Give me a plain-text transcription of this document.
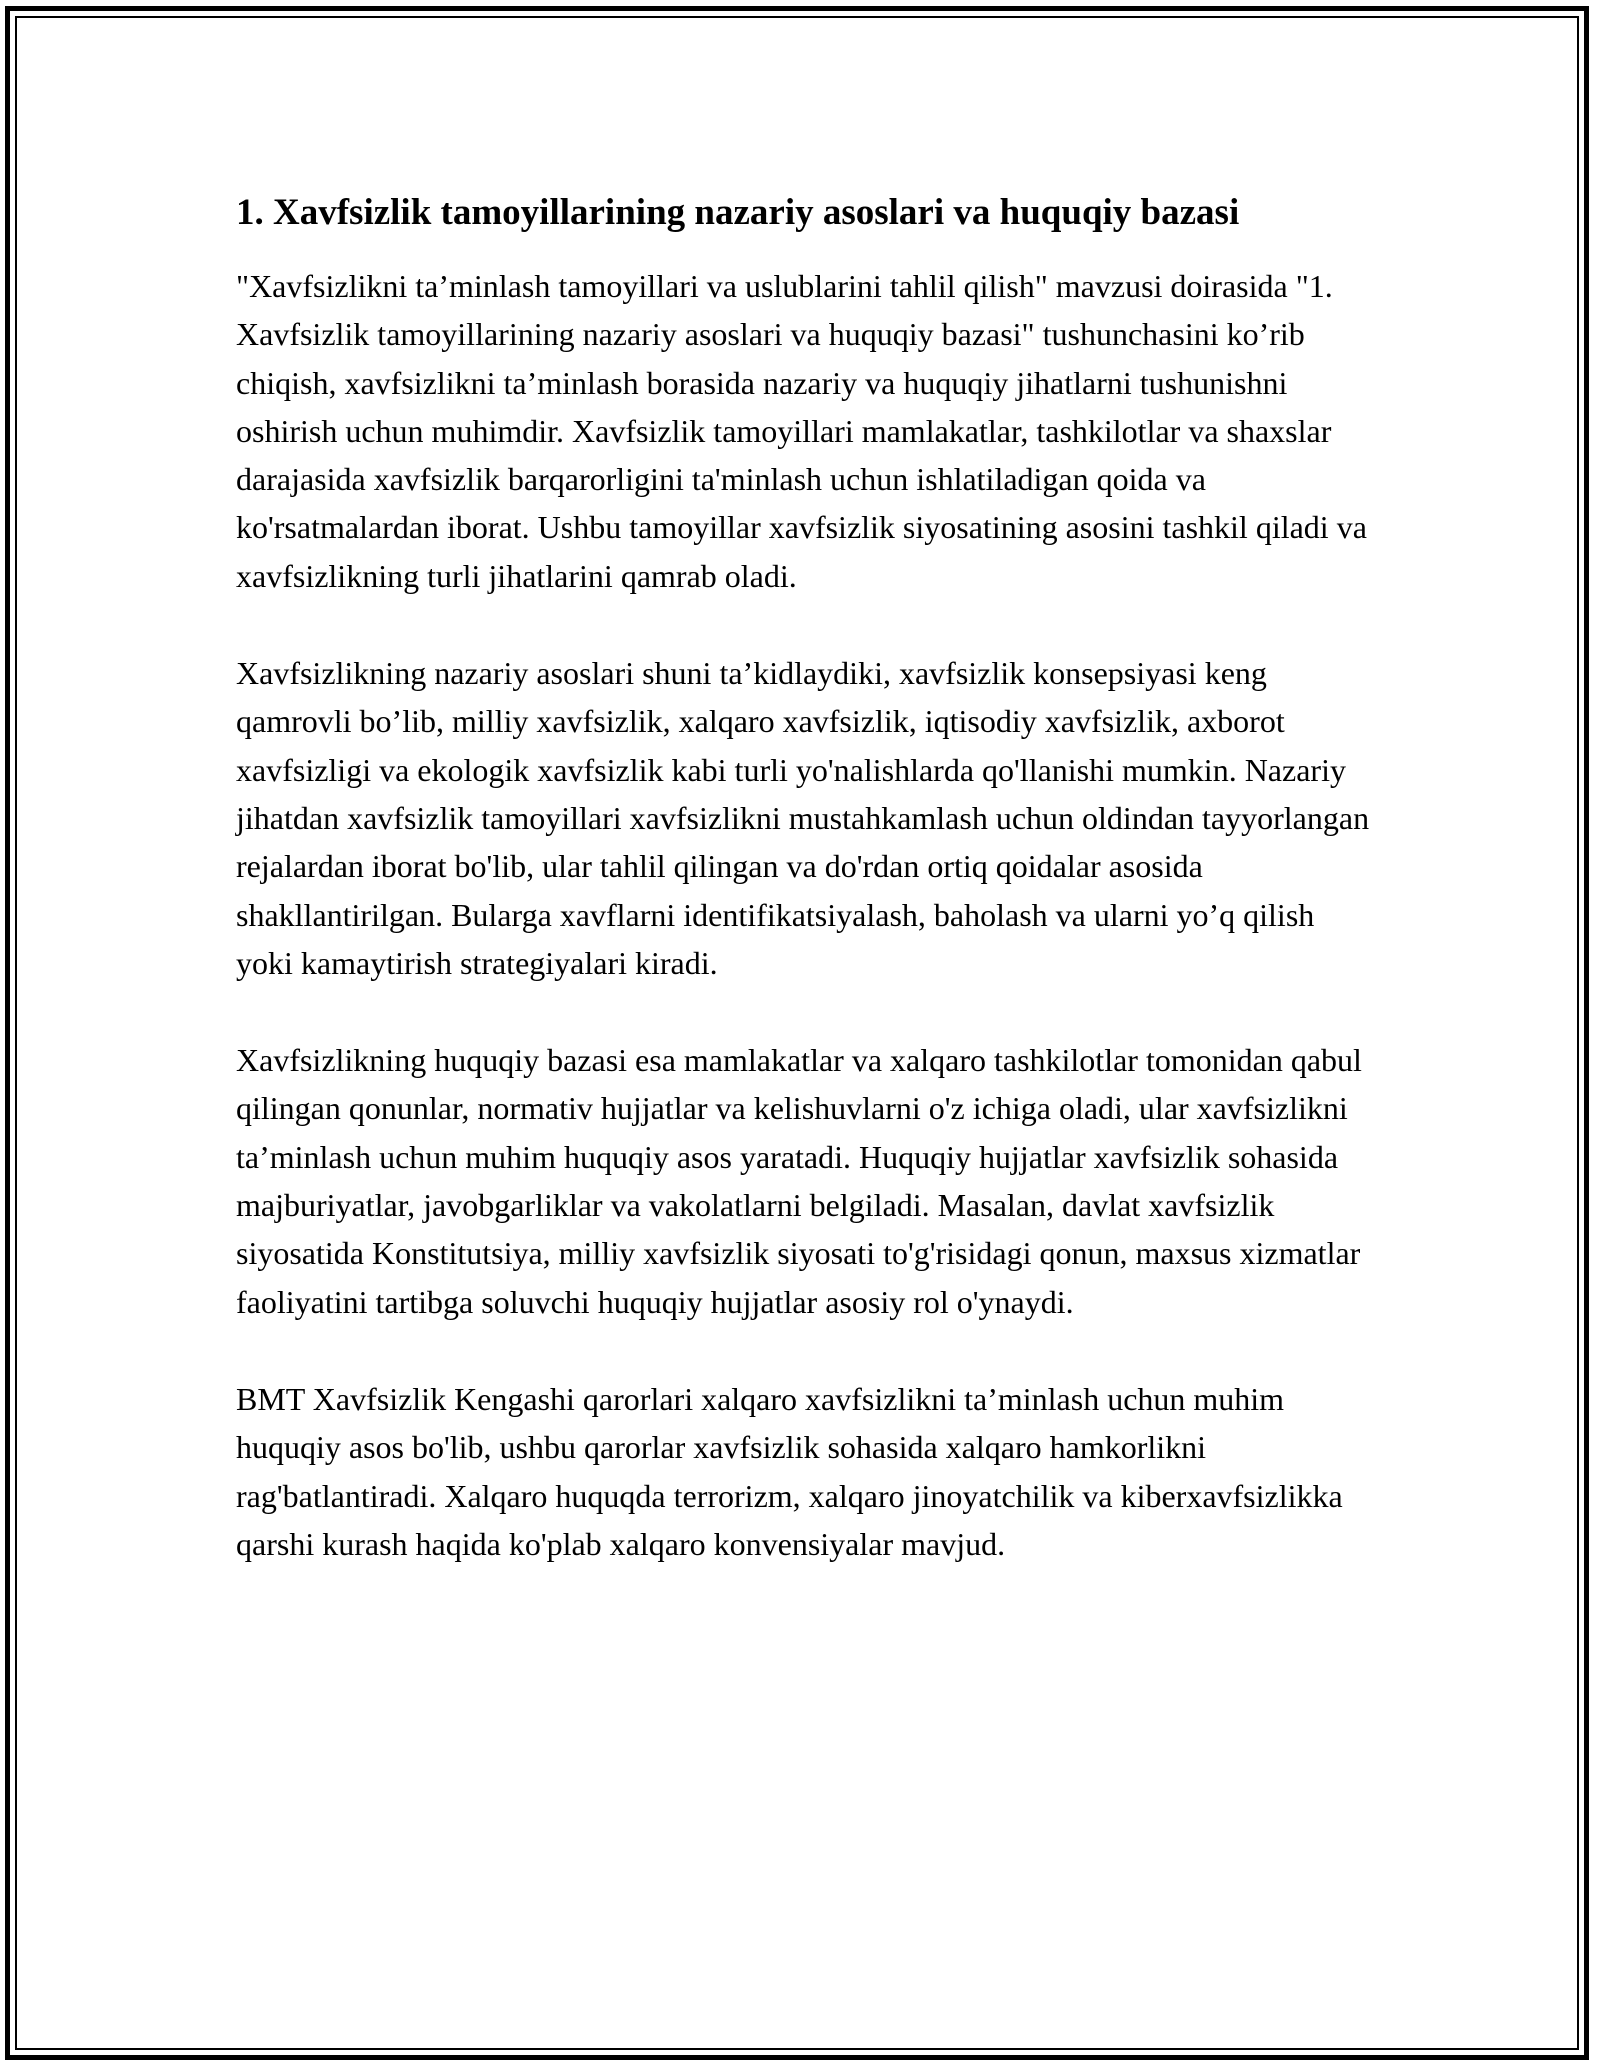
1. Xavfsizlik tamoyillarining nazariy asoslari va huquqiy bazasi

"Xavfsizlikni ta’minlash tamoyillari va uslublarini tahlil qilish" mavzusi doirasida "1. Xavfsizlik tamoyillarining nazariy asoslari va huquqiy bazasi" tushunchasini ko’rib chiqish, xavfsizlikni ta’minlash borasida nazariy va huquqiy jihatlarni tushunishni oshirish uchun muhimdir. Xavfsizlik tamoyillari mamlakatlar, tashkilotlar va shaxslar darajasida xavfsizlik barqarorligini ta'minlash uchun ishlatiladigan qoida va ko'rsatmalardan iborat. Ushbu tamoyillar xavfsizlik siyosatining asosini tashkil qiladi va xavfsizlikning turli jihatlarini qamrab oladi.

Xavfsizlikning nazariy asoslari shuni ta’kidlaydiki, xavfsizlik konsepsiyasi keng qamrovli bo’lib, milliy xavfsizlik, xalqaro xavfsizlik, iqtisodiy xavfsizlik, axborot xavfsizligi va ekologik xavfsizlik kabi turli yo'nalishlarda qo'llanishi mumkin. Nazariy jihatdan xavfsizlik tamoyillari xavfsizlikni mustahkamlash uchun oldindan tayyorlangan rejalardan iborat bo'lib, ular tahlil qilingan va do'rdan ortiq qoidalar asosida shakllantirilgan. Bularga xavflarni identifikatsiyalash, baholash va ularni yo’q qilish yoki kamaytirish strategiyalari kiradi.

Xavfsizlikning huquqiy bazasi esa mamlakatlar va xalqaro tashkilotlar tomonidan qabul qilingan qonunlar, normativ hujjatlar va kelishuvlarni o'z ichiga oladi, ular xavfsizlikni ta’minlash uchun muhim huquqiy asos yaratadi. Huquqiy hujjatlar xavfsizlik sohasida majburiyatlar, javobgarliklar va vakolatlarni belgiladi. Masalan, davlat xavfsizlik siyosatida Konstitutsiya, milliy xavfsizlik siyosati to'g'risidagi qonun, maxsus xizmatlar faoliyatini tartibga soluvchi huquqiy hujjatlar asosiy rol o'ynaydi.

BMT Xavfsizlik Kengashi qarorlari xalqaro xavfsizlikni ta’minlash uchun muhim huquqiy asos bo'lib, ushbu qarorlar xavfsizlik sohasida xalqaro hamkorlikni rag'batlantiradi. Xalqaro huquqda terrorizm, xalqaro jinoyatchilik va kiberxavfsizlikka qarshi kurash haqida ko'plab xalqaro konvensiyalar mavjud.
